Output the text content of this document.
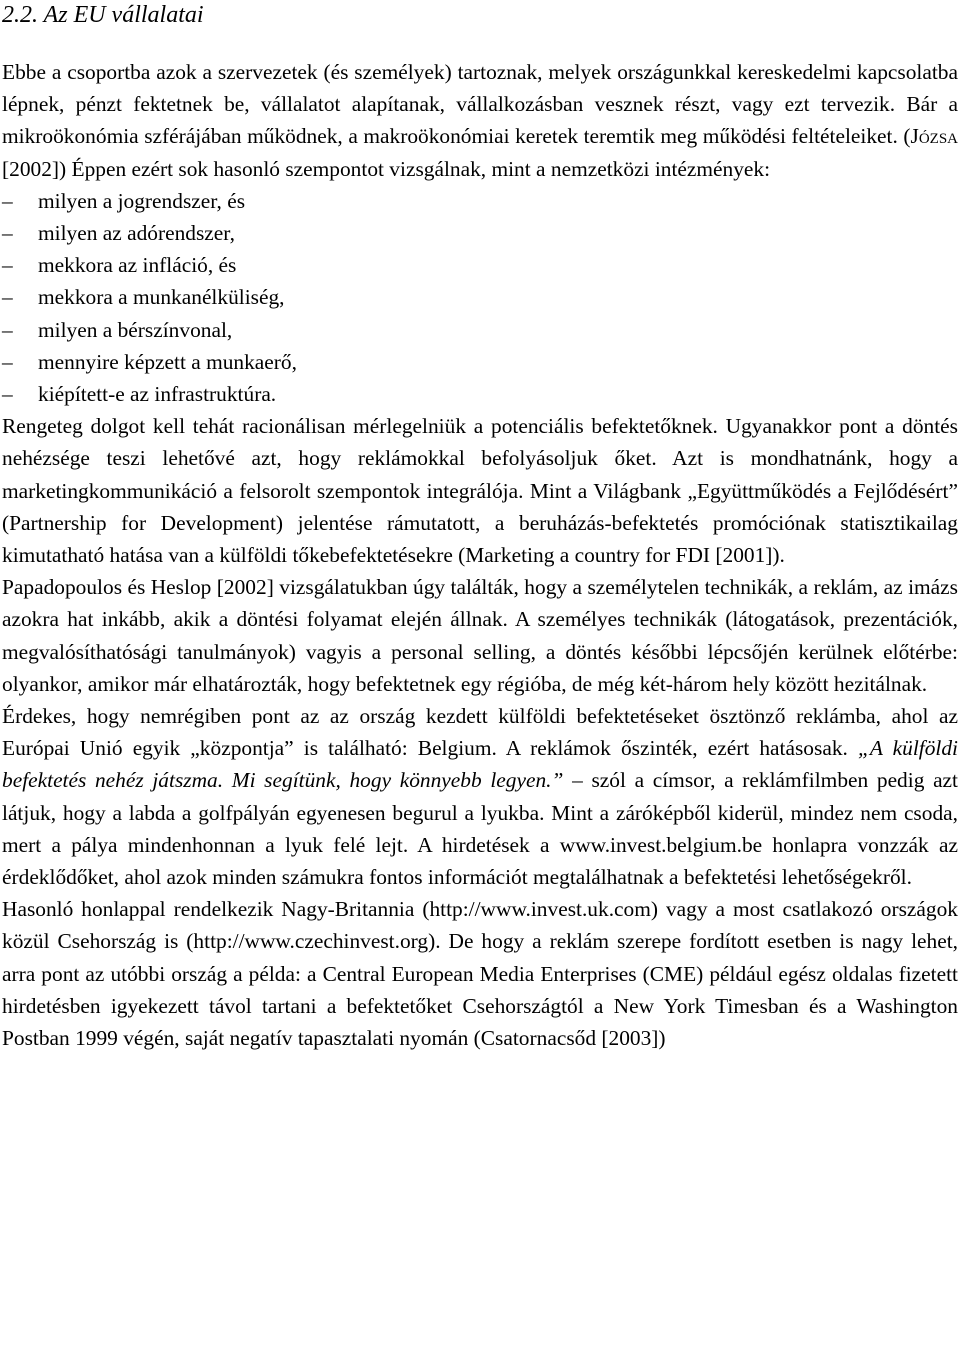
2.2. Az EU vállalatai

Ebbe a csoportba azok a szervezetek (és személyek) tartoznak, melyek országunkkal kereskedelmi kapcsolatba lépnek, pénzt fektetnek be, vállalatot alapítanak, vállalkozásban vesznek részt, vagy ezt tervezik. Bár a mikroökonómia szférájában működnek, a makroökonómiai keretek teremtik meg működési feltételeiket. (Józsa [2002]) Éppen ezért sok hasonló szempontot vizsgálnak, mint a nemzetközi intézmények:

–	milyen a jogrendszer, és
–	milyen az adórendszer,
–	mekkora az infláció, és
–	mekkora a munkanélküliség,
–	milyen a bérszínvonal,
–	mennyire képzett a munkaerő,
–	kiépített-e az infrastruktúra.

Rengeteg dolgot kell tehát racionálisan mérlegelniük a potenciális befektetőknek. Ugyanakkor pont a döntés nehézsége teszi lehetővé azt, hogy reklámokkal befolyásoljuk őket. Azt is mondhatnánk, hogy a marketingkommunikáció a felsorolt szempontok integrálója. Mint a Világbank „Együttműködés a Fejlődésért” (Partnership for Development) jelentése rámutatott, a beruházás-befektetés promóciónak statisztikailag kimutatható hatása van a külföldi tőkebefektetésekre (Marketing a country for FDI [2001]).

Papadopoulos és Heslop [2002] vizsgálatukban úgy találták, hogy a személytelen technikák, a reklám, az imázs azokra hat inkább, akik a döntési folyamat elején állnak. A személyes technikák (látogatások, prezentációk, megvalósíthatósági tanulmányok) vagyis a personal selling, a döntés későbbi lépcsőjén kerülnek előtérbe: olyankor, amikor már elhatározták, hogy befektetnek egy régióba, de még két-három hely között hezitálnak.

Érdekes, hogy nemrégiben pont az az ország kezdett külföldi befektetéseket ösztönző reklámba, ahol az Európai Unió egyik „központja” is található: Belgium. A reklámok őszinték, ezért hatásosak. „A külföldi befektetés nehéz játszma. Mi segítünk, hogy könnyebb legyen.” – szól a címsor, a reklámfilmben pedig azt látjuk, hogy a labda a golfpályán egyenesen begurul a lyukba. Mint a záróképből kiderül, mindez nem csoda, mert a pálya mindenhonnan a lyuk felé lejt. A hirdetések a www.invest.belgium.be honlapra vonzzák az érdeklődőket, ahol azok minden számukra fontos információt megtalálhatnak a befektetési lehetőségekről.

Hasonló honlappal rendelkezik Nagy-Britannia (http://www.invest.uk.com) vagy a most csatlakozó országok közül Csehország is (http://www.czechinvest.org). De hogy a reklám szerepe fordított esetben is nagy lehet, arra pont az utóbbi ország a példa: a Central European Media Enterprises (CME) például egész oldalas fizetett hirdetésben igyekezett távol tartani a befektetőket Csehországtól a New York Timesban és a Washington Postban 1999 végén, saját negatív tapasztalati nyomán (Csatornacsőd [2003])
